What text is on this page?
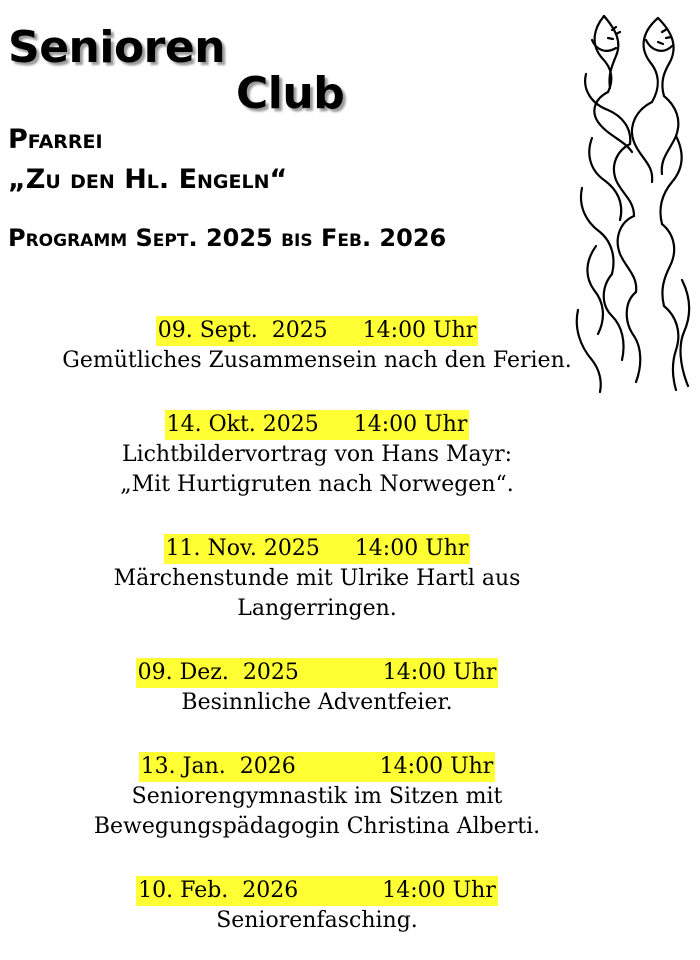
Senioren
Club
Pfarrei
„Zu den Hl. Engeln“
Programm Sept. 2025 bis Feb. 2026
09. Sept.  2025 14:00 Uhr
Gemütliches Zusammensein nach den Ferien.
14. Okt. 2025 14:00 Uhr
Lichtbildervortrag von Hans Mayr:
„Mit Hurtigruten nach Norwegen“.
11. Nov. 2025 14:00 Uhr
Märchenstunde mit Ulrike Hartl aus
Langerringen.
09. Dez.  2025	14:00 Uhr
Besinnliche Adventfeier.
13. Jan.  2026	14:00 Uhr
Seniorengymnastik im Sitzen mit
Bewegungspädagogin Christina Alberti.
10. Feb.  2026	14:00 Uhr
Seniorenfasching.
